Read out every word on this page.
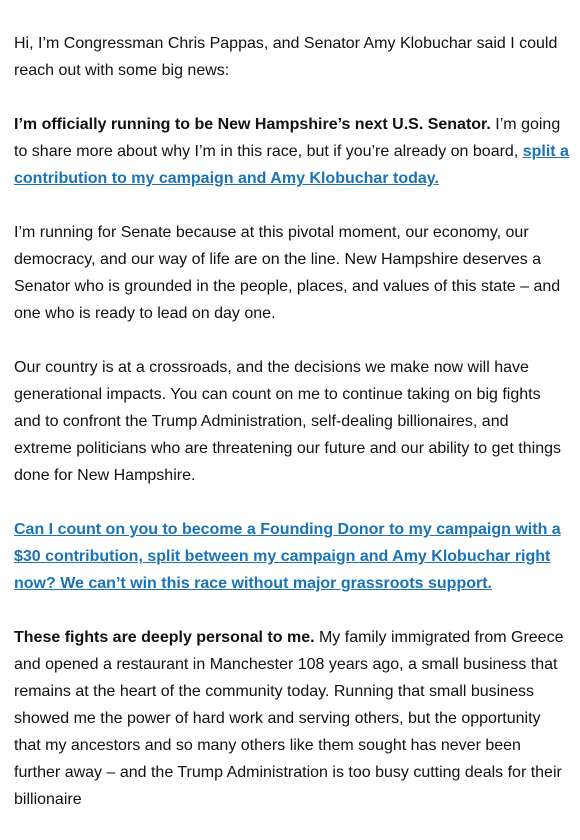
Hi, I’m Congressman Chris Pappas, and Senator Amy Klobuchar said I could reach out with some big news:

I’m officially running to be New Hampshire’s next U.S. Senator. I’m going to share more about why I’m in this race, but if you’re already on board, split a contribution to my campaign and Amy Klobuchar today.

I’m running for Senate because at this pivotal moment, our economy, our democracy, and our way of life are on the line. New Hampshire deserves a Senator who is grounded in the people, places, and values of this state – and one who is ready to lead on day one.

Our country is at a crossroads, and the decisions we make now will have generational impacts. You can count on me to continue taking on big fights and to confront the Trump Administration, self-dealing billionaires, and extreme politicians who are threatening our future and our ability to get things done for New Hampshire.

Can I count on you to become a Founding Donor to my campaign with a $30 contribution, split between my campaign and Amy Klobuchar right now? We can’t win this race without major grassroots support.

These fights are deeply personal to me. My family immigrated from Greece and opened a restaurant in Manchester 108 years ago, a small business that remains at the heart of the community today. Running that small business showed me the power of hard work and serving others, but the opportunity that my ancestors and so many others like them sought has never been further away – and the Trump Administration is too busy cutting deals for their billionaire
